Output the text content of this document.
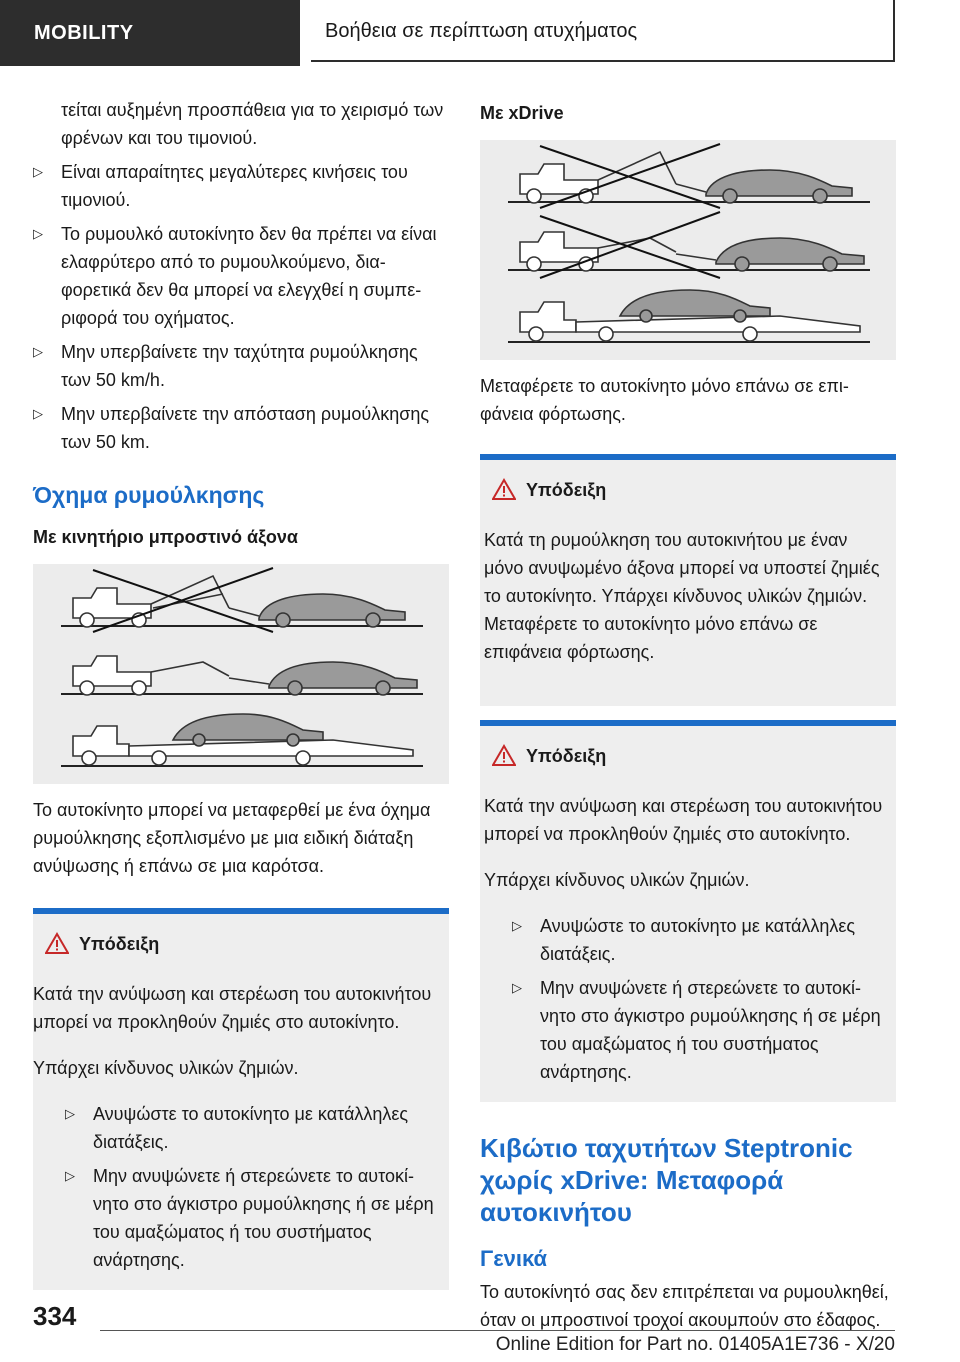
MOBILITY	Βοήθεια σε περίπτωση ατυχήματος

τείται αυξημένη προσπάθεια για το χειρισμό των φρένων και του τιμονιού.

▷	Είναι απαραίτητες μεγαλύτερες κινήσεις του τιμονιού.
▷	Το ρυμουλκό αυτοκίνητο δεν θα πρέπει να είναι ελαφρύτερο από το ρυμουλκούμενο, διαφορετικά δεν θα μπορεί να ελεγχθεί η συμπεριφορά του οχήματος.
▷	Μην υπερβαίνετε την ταχύτητα ρυμούλκησης των 50 km/h.
▷	Μην υπερβαίνετε την απόσταση ρυμούλκησης των 50 km.
Όχημα ρυμούλκησης
Με κινητήριο μπροστινό άξονα

Το αυτοκίνητο μπορεί να μεταφερθεί με ένα όχημα ρυμούλκησης εξοπλισμένο με μια ειδική διάταξη ανύψωσης ή επάνω σε μια καρότσα.

Υπόδειξη

Κατά την ανύψωση και στερέωση του αυτοκινήτου μπορεί να προκληθούν ζημιές στο αυτοκίνητο.

Υπάρχει κίνδυνος υλικών ζημιών.

▷ Ανυψώστε το αυτοκίνητο με κατάλληλες διατάξεις.
▷ Μην ανυψώνετε ή στερεώνετε το αυτοκίνητο στο άγκιστρο ρυμούλκησης ή σε μέρη του αμαξώματος ή του συστήματος ανάρτησης.
Με xDrive

Μεταφέρετε το αυτοκίνητο μόνο επάνω σε επιφάνεια φόρτωσης.

Υπόδειξη

Κατά τη ρυμούλκηση του αυτοκινήτου με έναν μόνο ανυψωμένο άξονα μπορεί να υποστεί ζημιές το αυτοκίνητο. Υπάρχει κίνδυνος υλικών ζημιών. Μεταφέρετε το αυτοκίνητο μόνο επάνω σε επιφάνεια φόρτωσης.

Υπόδειξη

Κατά την ανύψωση και στερέωση του αυτοκινήτου μπορεί να προκληθούν ζημιές στο αυτοκίνητο.

Υπάρχει κίνδυνος υλικών ζημιών.

▷ Ανυψώστε το αυτοκίνητο με κατάλληλες διατάξεις.
▷ Μην ανυψώνετε ή στερεώνετε το αυτοκίνητο στο άγκιστρο ρυμούλκησης ή σε μέρη του αμαξώματος ή του συστήματος ανάρτησης.
Κιβώτιο ταχυτήτων Steptronic χωρίς xDrive: Μεταφορά αυτοκινήτου
Γενικά

Το αυτοκίνητό σας δεν επιτρέπεται να ρυμουλκηθεί, όταν οι μπροστινοί τροχοί ακουμπούν στο έδαφος.

334
Online Edition for Part no. 01405A1E736 - X/20
